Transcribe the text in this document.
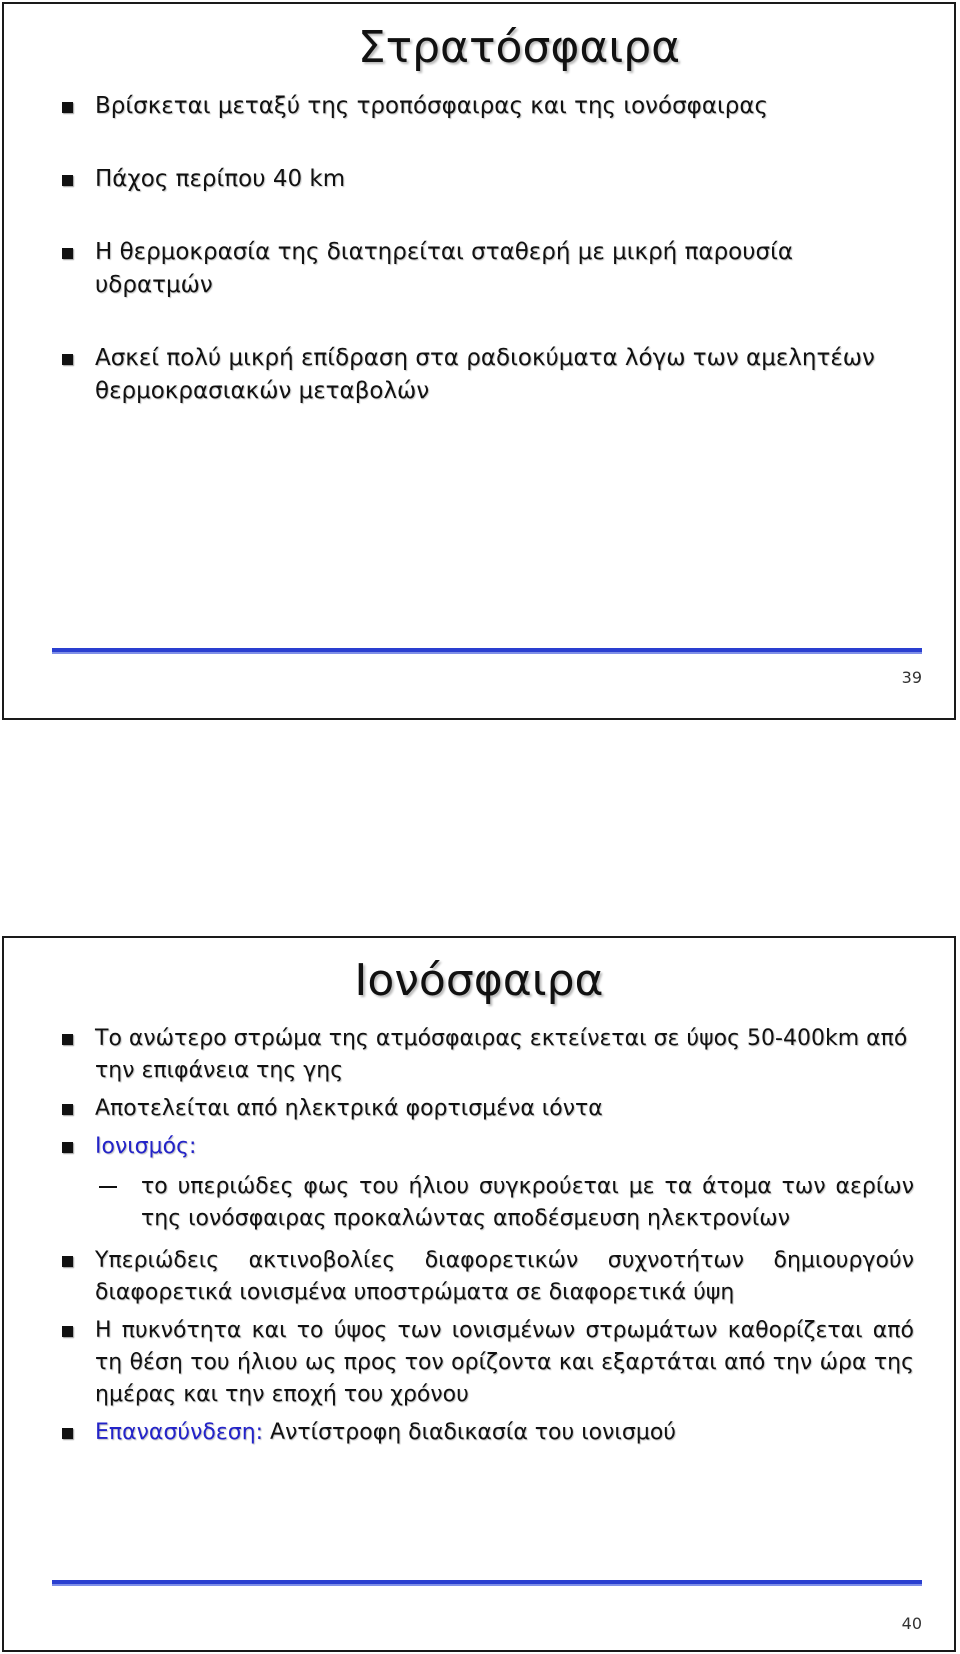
Στρατόσφαιρα
Βρίσκεται μεταξύ της τροπόσφαιρας και της ιονόσφαιρας
Πάχος περίπου 40 km
Η θερμοκρασία της διατηρείται σταθερή με μικρή παρουσία υδρατμών
Ασκεί πολύ μικρή επίδραση στα ραδιοκύματα λόγω των αμελητέων θερμοκρασιακών μεταβολών
39
Ιονόσφαιρα
Το ανώτερο στρώμα της ατμόσφαιρας εκτείνεται σε ύψος 50-400km από την επιφάνεια της γης
Αποτελείται από ηλεκτρικά φορτισμένα ιόντα
Ιονισμός:
το υπεριώδες φως του ήλιου συγκρούεται με τα άτομα των αερίων της ιονόσφαιρας προκαλώντας αποδέσμευση ηλεκτρονίων
Υπεριώδεις ακτινοβολίες διαφορετικών συχνοτήτων δημιουργούν διαφορετικά ιονισμένα υποστρώματα σε διαφορετικά ύψη
Η πυκνότητα και το ύψος των ιονισμένων στρωμάτων καθορίζεται από τη θέση του ήλιου ως προς τον ορίζοντα και εξαρτάται από την ώρα της ημέρας και την εποχή του χρόνου
Επανασύνδεση: Αντίστροφη διαδικασία του ιονισμού
40
